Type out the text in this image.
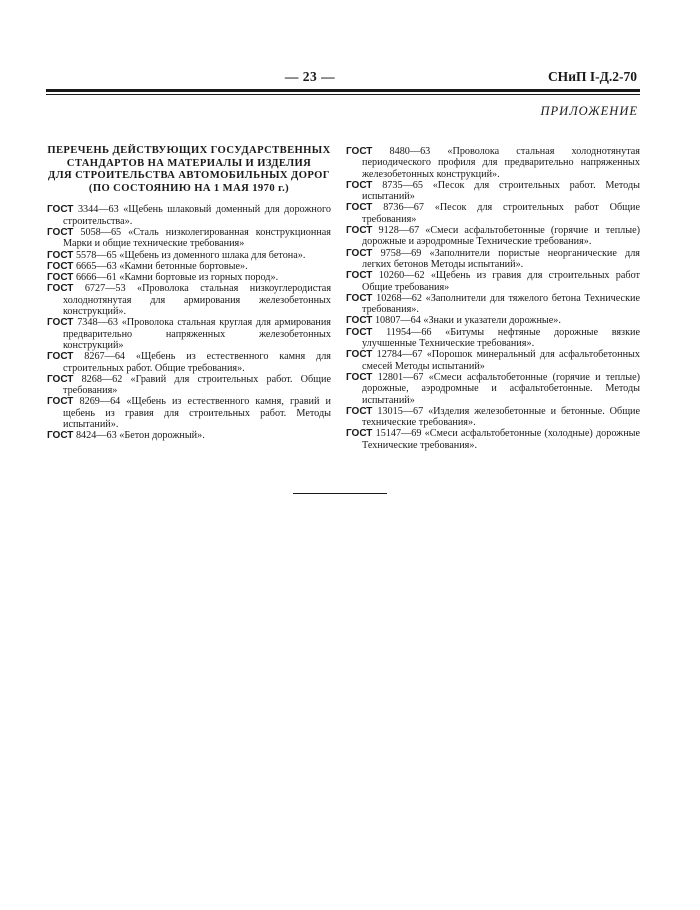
— 23 —	СНиП I-Д.2-70
ПРИЛОЖЕНИЕ
ПЕРЕЧЕНЬ ДЕЙСТВУЮЩИХ ГОСУДАРСТВЕННЫХ
СТАНДАРТОВ НА МАТЕРИАЛЫ И ИЗДЕЛИЯ
ДЛЯ СТРОИТЕЛЬСТВА АВТОМОБИЛЬНЫХ ДОРОГ
(ПО СОСТОЯНИЮ НА 1 МАЯ 1970 г.)

ГОСТ 3344—63 «Щебень шлаковый доменный для дорожного строительства».

ГОСТ 5058—65 «Сталь низколегированная конструкционная Марки и общие технические требования»

ГОСТ 5578—65 «Щебень из доменного шлака для бетона».

ГОСТ 6665—63 «Камни бетонные бортовые».

ГОСТ 6666—61 «Камни бортовые из горных пород».

ГОСТ 6727—53 «Проволока стальная низкоуглеродистая холоднотянутая для армирования железобетонных конструкций».

ГОСТ 7348—63 «Проволока стальная круглая для армирования предварительно напряженных железобетонных конструкций»

ГОСТ 8267—64 «Щебень из естественного камня для строительных работ. Общие требования».

ГОСТ 8268—62 «Гравий для строительных работ. Общие требования»

ГОСТ 8269—64 «Щебень из естественного камня, гравий и щебень из гравия для строительных работ. Методы испытаний».

ГОСТ 8424—63 «Бетон дорожный».

ГОСТ 8480—63 «Проволока стальная холоднотянутая периодического профиля для предварительно напряженных железобетонных конструкций».

ГОСТ 8735—65 «Песок для строительных работ. Методы испытаний»

ГОСТ 8736—67 «Песок для строительных работ Общие требования»

ГОСТ 9128—67 «Смеси асфальтобетонные (горячие и теплые) дорожные и аэродромные Технические требования».

ГОСТ 9758—69 «Заполнители пористые неорганические для легких бетонов Методы испытаний».

ГОСТ 10260—62 «Щебень из гравия для строительных работ Общие требования»

ГОСТ 10268—62 «Заполнители для тяжелого бетона Технические требования».

ГОСТ 10807—64 «Знаки и указатели дорожные».

ГОСТ 11954—66 «Битумы нефтяные дорожные вязкие улучшенные Технические требования».

ГОСТ 12784—67 «Порошок минеральный для асфальтобетонных смесей Методы испытаний»

ГОСТ 12801—67 «Смеси асфальтобетонные (горячие и теплые) дорожные, аэродромные и асфальтобетонные. Методы испытаний»

ГОСТ 13015—67 «Изделия железобетонные и бетонные. Общие технические требования».

ГОСТ 15147—69 «Смеси асфальтобетонные (холодные) дорожные Технические требования».
